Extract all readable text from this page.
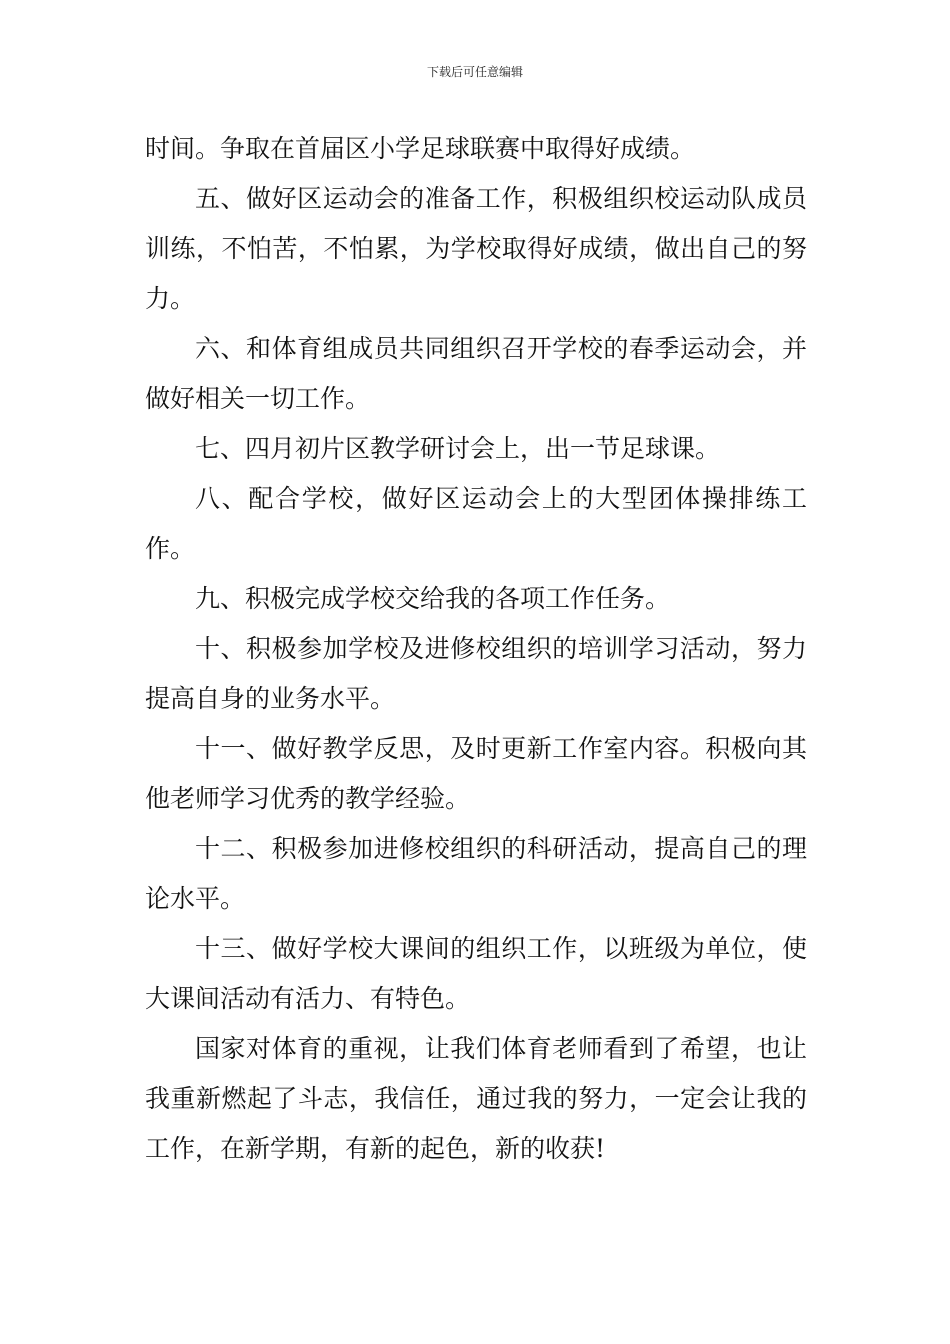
下载后可任意编辑

时间。争取在首届区小学足球联赛中取得好成绩。

五、做好区运动会的准备工作，积极组织校运动队成员训练，不怕苦，不怕累，为学校取得好成绩，做出自己的努力。

六、和体育组成员共同组织召开学校的春季运动会，并做好相关一切工作。

七、四月初片区教学研讨会上，出一节足球课。

八、配合学校，做好区运动会上的大型团体操排练工作。

九、积极完成学校交给我的各项工作任务。

十、积极参加学校及进修校组织的培训学习活动，努力提高自身的业务水平。

十一、做好教学反思，及时更新工作室内容。积极向其他老师学习优秀的教学经验。

十二、积极参加进修校组织的科研活动，提高自己的理论水平。

十三、做好学校大课间的组织工作，以班级为单位，使大课间活动有活力、有特色。

国家对体育的重视，让我们体育老师看到了希望，也让我重新燃起了斗志，我信任，通过我的努力，一定会让我的工作，在新学期，有新的起色，新的收获!
